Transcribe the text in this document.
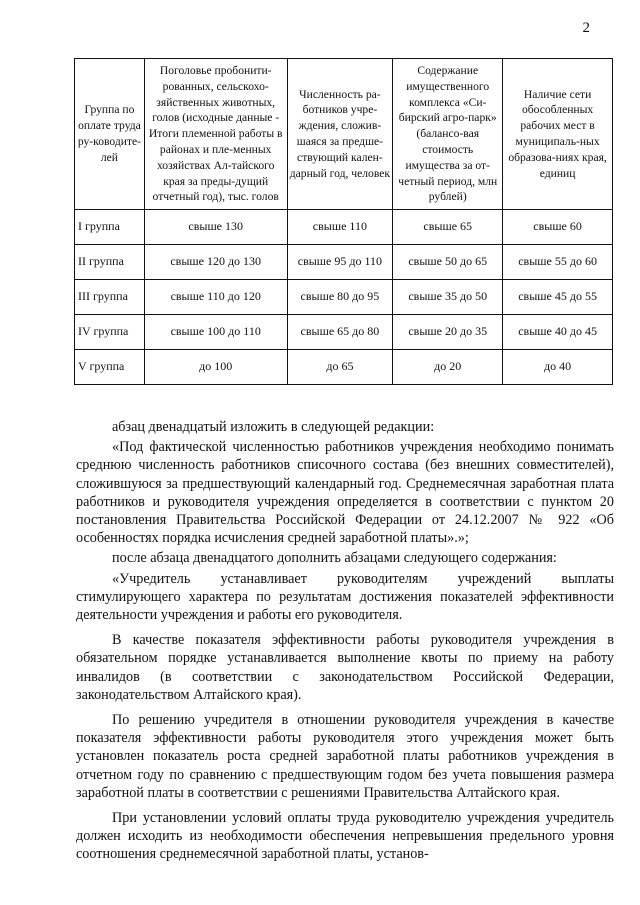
2
Группа по оплате труда ру-ководите-лей	Поголовье пробонити-рованных, сельскохо-зяйственных животных, голов (исходные данные - Итоги племенной работы в районах и пле-менных хозяйствах Ал-тайского края за преды-дущий отчетный год), тыс. голов	Численность ра-ботников учре-ждения, сложив-шаяся за предше-ствующий кален-дарный год, человек	Содержание имущественного комплекса «Си-бирский агро-парк» (балансо-вая стоимость имущества за от-четный период, млн рублей)	Наличие сети обособленных рабочих мест в муниципаль-ных образова-ниях края, единиц
I группа	свыше 130	свыше 110	свыше 65	свыше 60
II группа	свыше 120 до 130	свыше 95 до 110	свыше 50 до 65	свыше 55 до 60
III группа	свыше 110 до 120	свыше 80 до 95	свыше 35 до 50	свыше 45 до 55
IV группа	свыше 100 до 110	свыше 65 до 80	свыше 20 до 35	свыше 40 до 45
V группа	до 100	до 65	до 20	до 40

абзац двенадцатый изложить в следующей редакции:

«Под фактической численностью работников учреждения необходимо понимать среднюю численность работников списочного состава (без внешних совместителей), сложившуюся за предшествующий календарный год. Среднемесячная заработная плата работников и руководителя учреждения определяется в соответствии с пунктом 20 постановления Правительства Российской Федерации от 24.12.2007 № 922 «Об особенностях порядка исчисления средней заработной платы».»;

после абзаца двенадцатого дополнить абзацами следующего содержания:

«Учредитель устанавливает руководителям учреждений выплаты стимулирующего характера по результатам достижения показателей эффективности деятельности учреждения и работы его руководителя.

В качестве показателя эффективности работы руководителя учреждения в обязательном порядке устанавливается выполнение квоты по приему на работу инвалидов (в соответствии с законодательством Российской Федерации, законодательством Алтайского края).

По решению учредителя в отношении руководителя учреждения в качестве показателя эффективности работы руководителя этого учреждения может быть установлен показатель роста средней заработной платы работников учреждения в отчетном году по сравнению с предшествующим годом без учета повышения размера заработной платы в соответствии с решениями Правительства Алтайского края.

При установлении условий оплаты труда руководителю учреждения учредитель должен исходить из необходимости обеспечения непревышения предельного уровня соотношения среднемесячной заработной платы, установ-
